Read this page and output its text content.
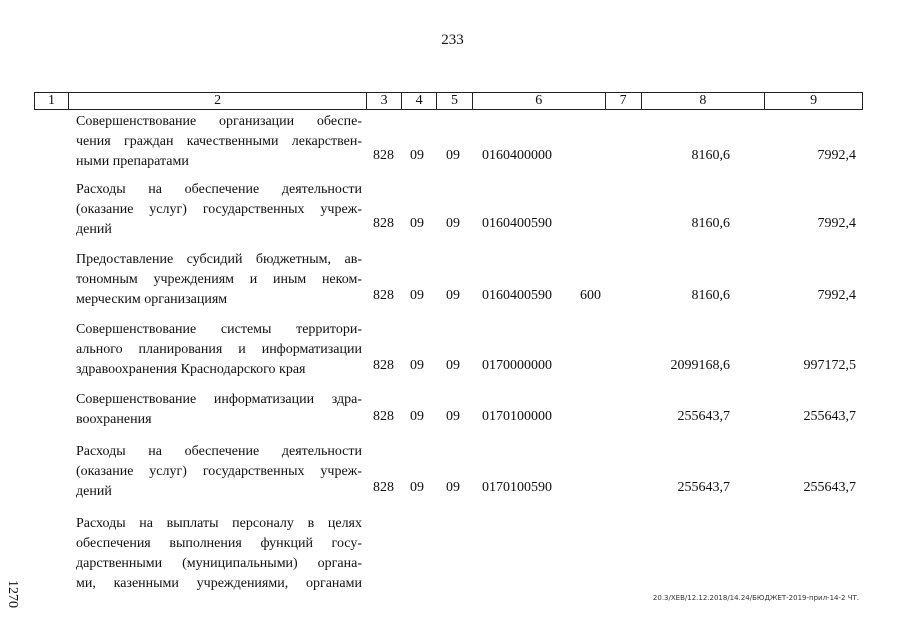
233
1	2	3	4	5	6	7	8	9
Совершенствование организации обеспе-
чения граждан качественными лекарствен-
ными препаратами	828 09 09 0160400000	8160,6	7992,4
Расходы на обеспечение деятельности
(оказание услуг) государственных учреж-
дений	828 09 09 0160400590	8160,6	7992,4
Предоставление субсидий бюджетным, ав-
тономным учреждениям и иным неком-
мерческим организациям	828 09 09 0160400590 600	8160,6	7992,4
Совершенствование системы территори-
ального планирования и информатизации
здравоохранения Краснодарского края	828 09 09 0170000000	2099168,6	997172,5
Совершенствование информатизации здра-
воохранения	828 09 09 0170100000	255643,7	255643,7
Расходы на обеспечение деятельности
(оказание услуг) государственных учреж-
дений	828 09 09 0170100590	255643,7	255643,7
Расходы на выплаты персоналу в целях
обеспечения выполнения функций госу-
дарственными (муниципальными) органа-
ми, казенными учреждениями, органами
20.3/ХЕВ/12.12.2018/14.24/БЮДЖЕТ-2019-прил-14-2 ЧТ.
1270
